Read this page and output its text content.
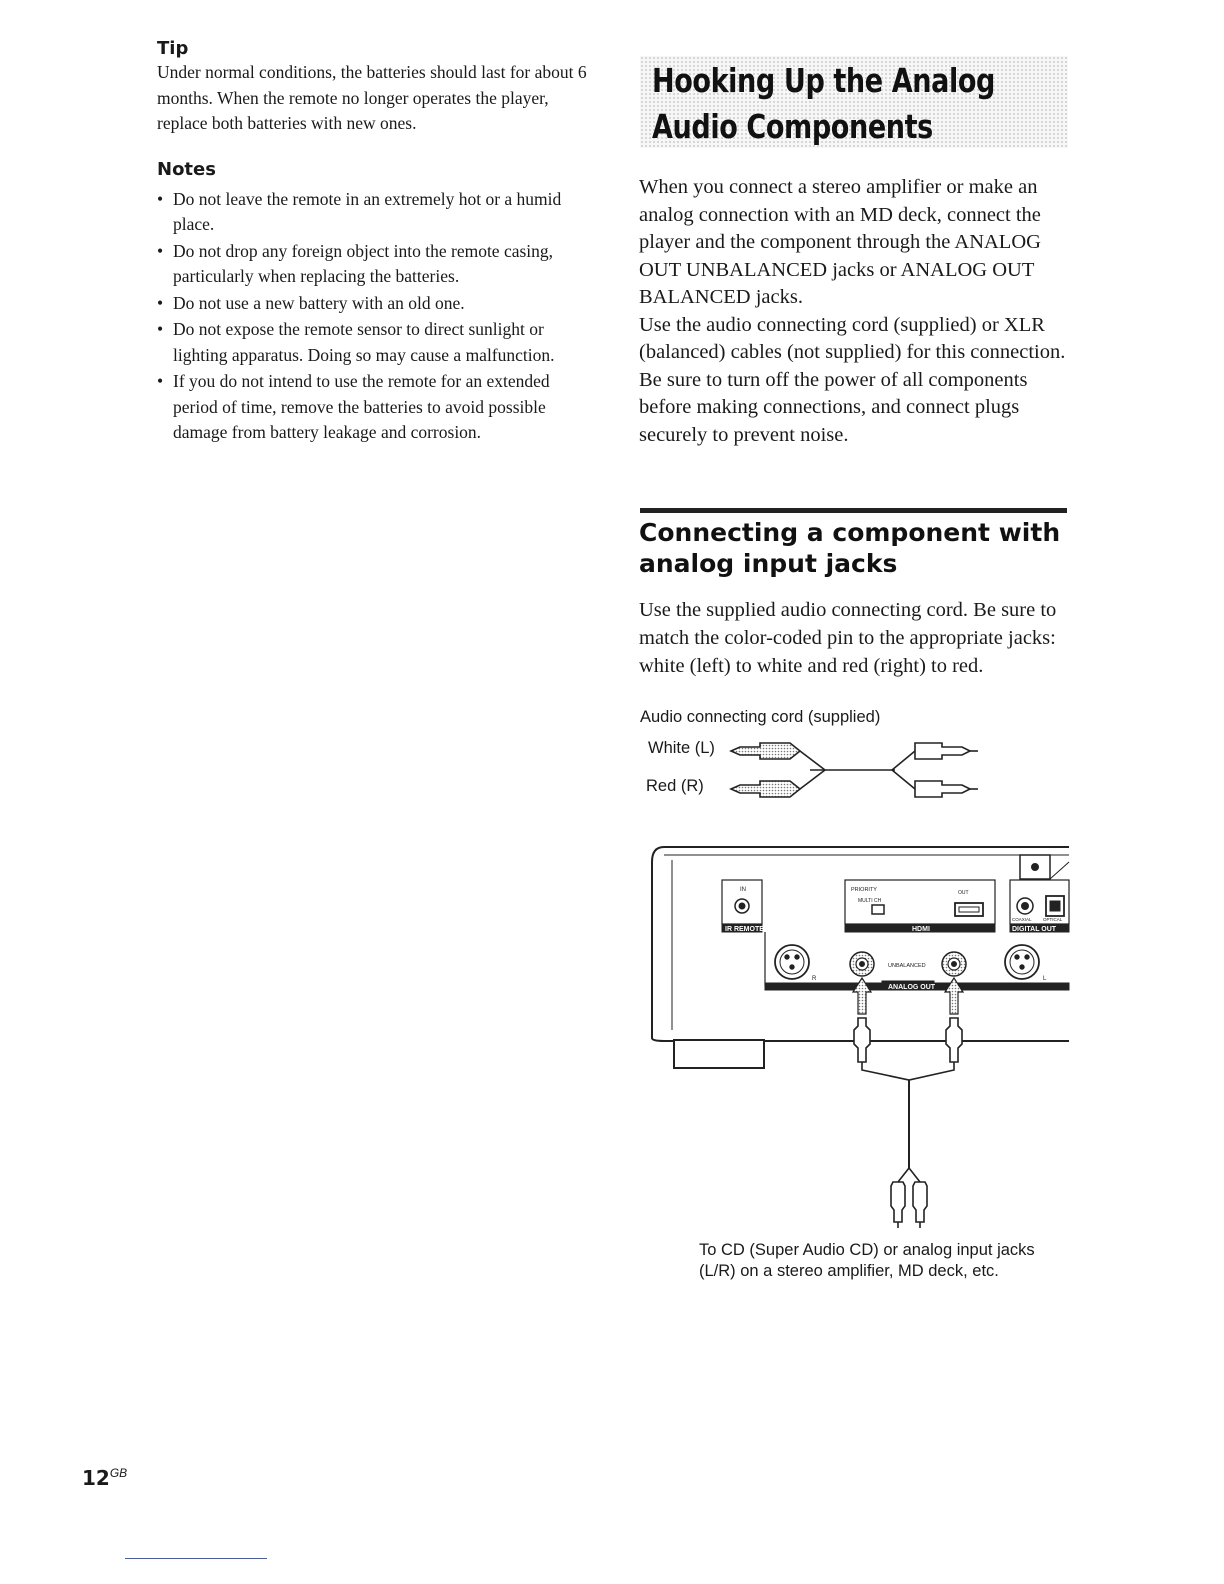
Tip

Under normal conditions, the batteries should last for about 6 months. When the remote no longer operates the player, replace both batteries with new ones.

Notes
• Do not leave the remote in an extremely hot or a humid place.
• Do not drop any foreign object into the remote casing, particularly when replacing the batteries.
• Do not use a new battery with an old one.
• Do not expose the remote sensor to direct sunlight or lighting apparatus. Doing so may cause a malfunction.
• If you do not intend to use the remote for an extended period of time, remove the batteries to avoid possible damage from battery leakage and corrosion.
Hooking Up the Analog
Audio Components

When you connect a stereo amplifier or make an analog connection with an MD deck, connect the player and the component through the ANALOG OUT UNBALANCED jacks or ANALOG OUT BALANCED jacks.

Use the audio connecting cord (supplied) or XLR (balanced) cables (not supplied) for this connection.

Be sure to turn off the power of all components before making connections, and connect plugs securely to prevent noise.

Connecting a component with analog input jacks

Use the supplied audio connecting cord. Be sure to match the color-coded pin to the appropriate jacks: white (left) to white and red (right) to red.

Audio connecting cord (supplied)
White (L)
Red (R)
IN
IR REMOTE
PRIORITY
MULTI CH
OUT
HDMI
COAXIAL	OPTICAL
DIGITAL OUT
R	L
UNBALANCED
ANALOG OUT

To CD (Super Audio CD) or analog input jacks (L/R) on a stereo amplifier, MD deck, etc.

$12^{GB}$
